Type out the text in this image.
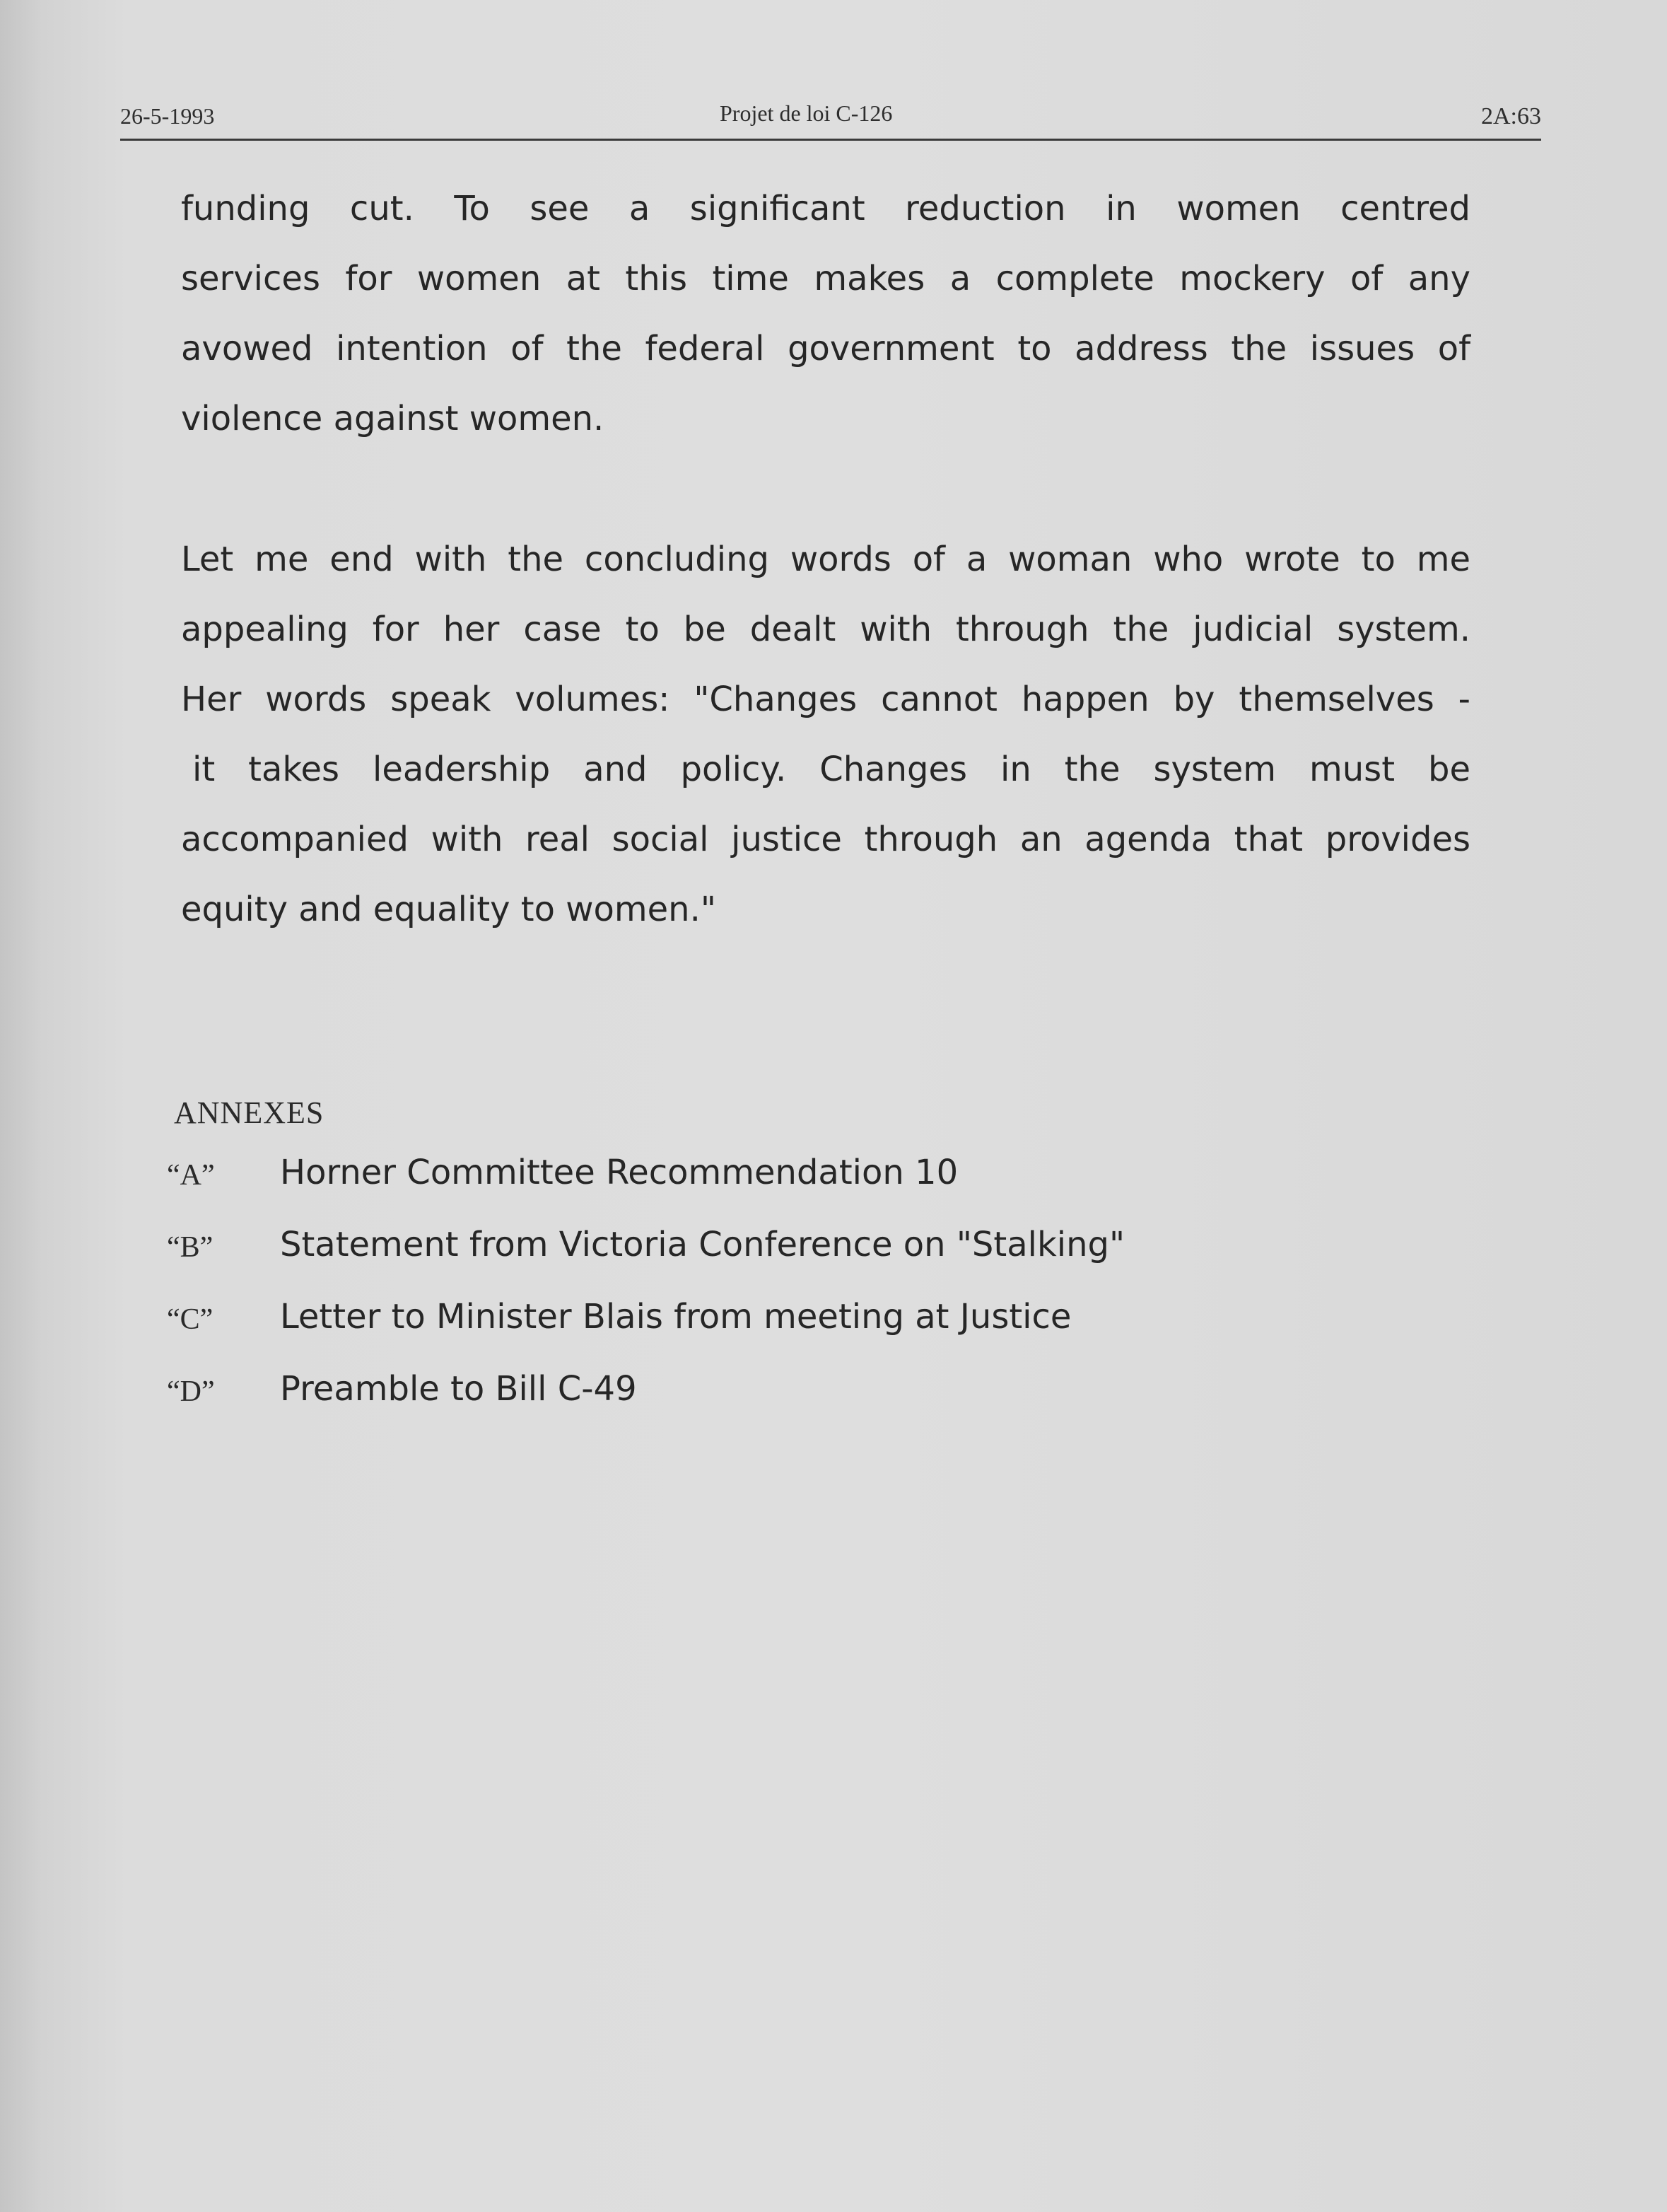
26-5-1993	Projet de loi C-126	2A:63
funding cut. To see a significant reduction in women centred
services for women at this time makes a complete mockery of any
avowed intention of the federal government to address the issues of
violence against women.
Let me end with the concluding words of a woman who wrote to me
appealing for her case to be dealt with through the judicial system.
Her words speak volumes: "Changes cannot happen by themselves -
it takes leadership and policy. Changes in the system must be
accompanied with real social justice through an agenda that provides
equity and equality to women."
ANNEXES
“A” Horner Committee Recommendation 10
“B” Statement from Victoria Conference on "Stalking"
“C” Letter to Minister Blais from meeting at Justice
“D” Preamble to Bill C-49
